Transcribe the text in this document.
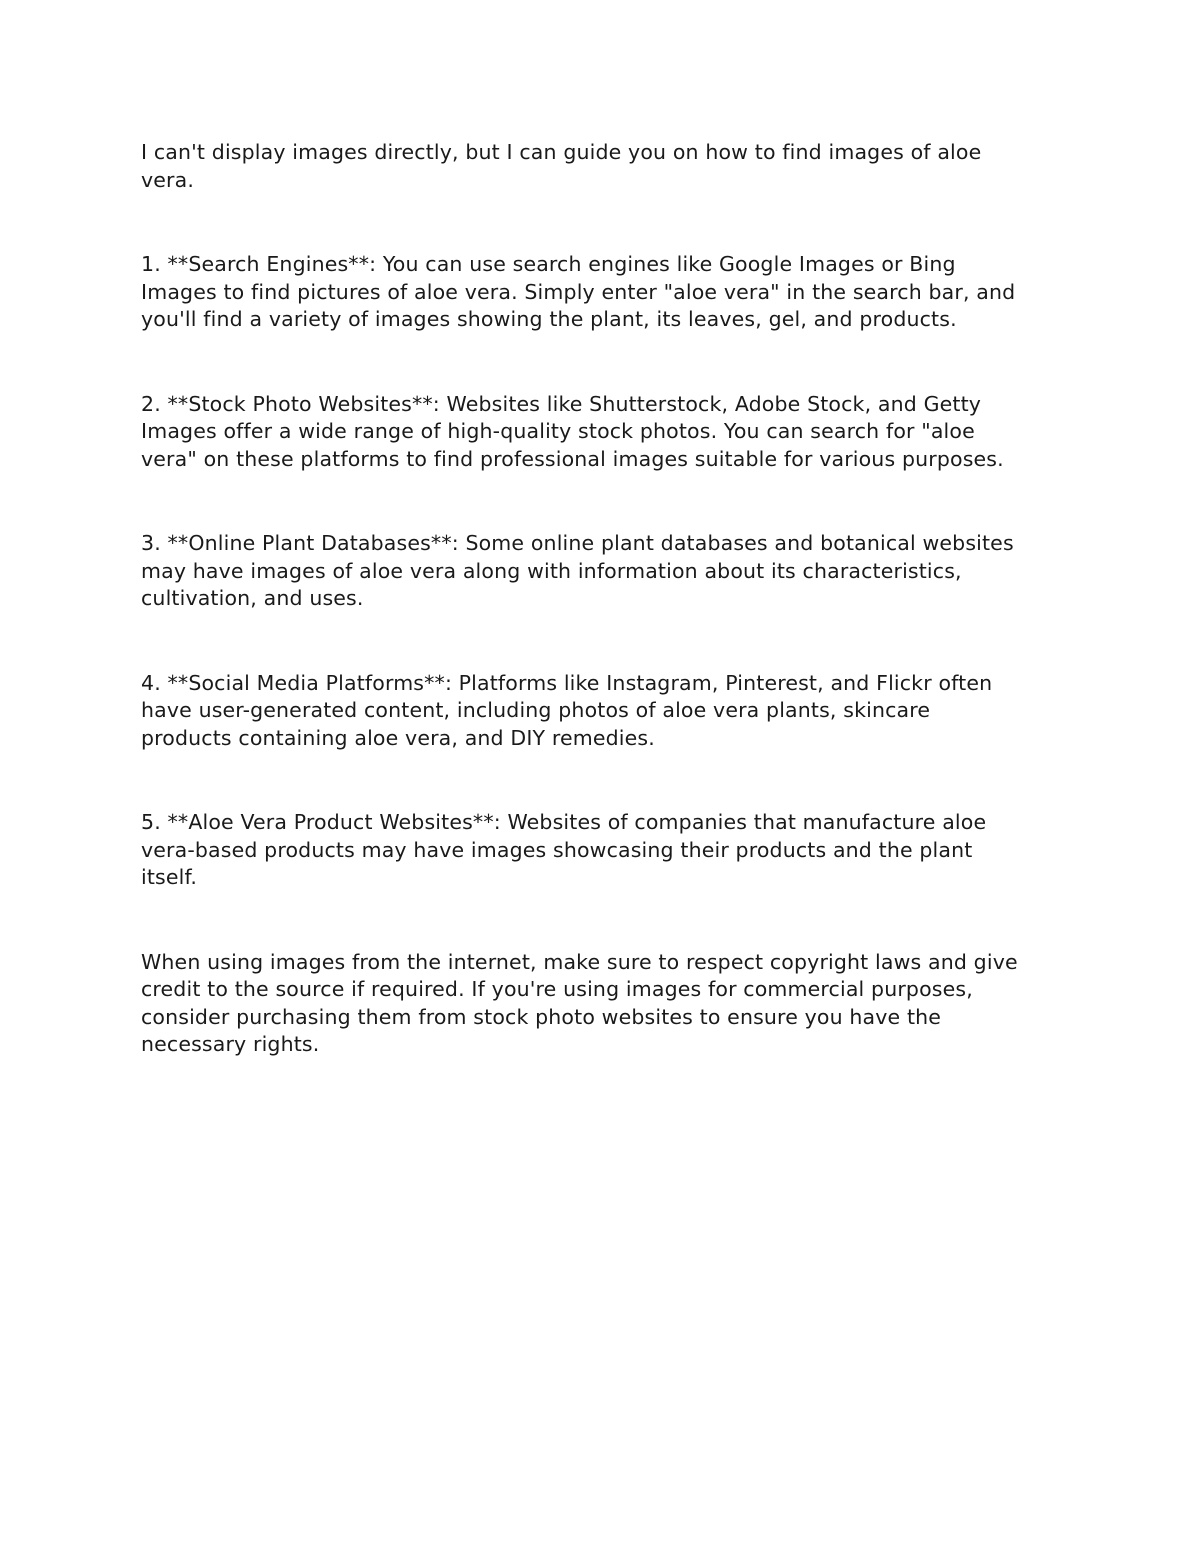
I can't display images directly, but I can guide you on how to find images of aloe
vera.

1. **Search Engines**: You can use search engines like Google Images or Bing
Images to find pictures of aloe vera. Simply enter "aloe vera" in the search bar, and
you'll find a variety of images showing the plant, its leaves, gel, and products.

2. **Stock Photo Websites**: Websites like Shutterstock, Adobe Stock, and Getty
Images offer a wide range of high-quality stock photos. You can search for "aloe
vera" on these platforms to find professional images suitable for various purposes.

3. **Online Plant Databases**: Some online plant databases and botanical websites
may have images of aloe vera along with information about its characteristics,
cultivation, and uses.

4. **Social Media Platforms**: Platforms like Instagram, Pinterest, and Flickr often
have user-generated content, including photos of aloe vera plants, skincare
products containing aloe vera, and DIY remedies.

5. **Aloe Vera Product Websites**: Websites of companies that manufacture aloe
vera-based products may have images showcasing their products and the plant
itself.

When using images from the internet, make sure to respect copyright laws and give
credit to the source if required. If you're using images for commercial purposes,
consider purchasing them from stock photo websites to ensure you have the
necessary rights.
